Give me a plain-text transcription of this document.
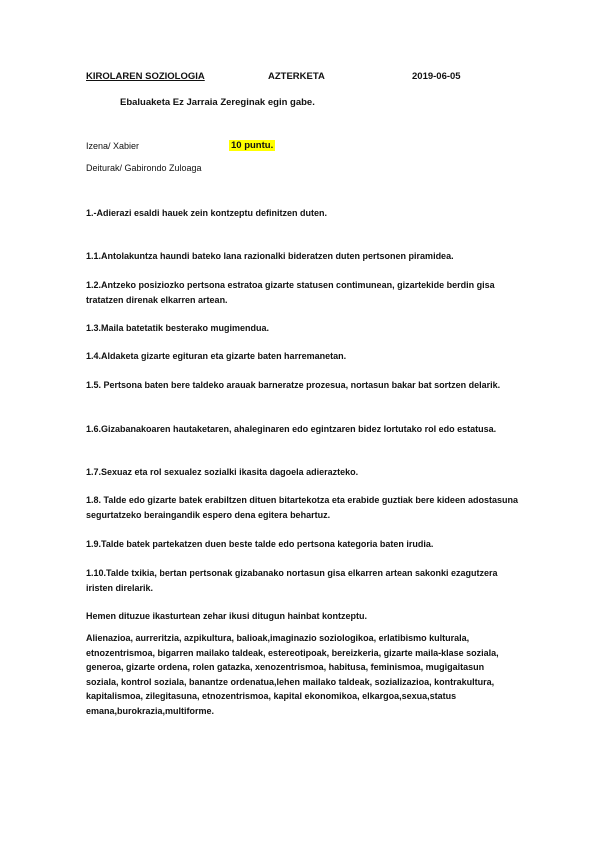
KIROLAREN SOZIOLOGIA	AZTERKETA	2019-06-05
Ebaluaketa Ez Jarraia Zereginak egin gabe.
Izena/ Xabier	10 puntu.
Deiturak/ Gabirondo Zuloaga
1.-Adierazi esaldi hauek zein kontzeptu definitzen duten.
1.1.Antolakuntza haundi bateko lana razionalki bideratzen duten pertsonen piramidea.
1.2.Antzeko posiziozko pertsona estratoa gizarte statusen contimunean, gizartekide berdin gisa tratatzen direnak elkarren artean.
1.3.Maila batetatik besterako mugimendua.
1.4.Aldaketa gizarte egituran eta gizarte baten harremanetan.
1.5. Pertsona baten bere taldeko arauak barneratze prozesua, nortasun bakar bat sortzen delarik.
1.6.Gizabanakoaren hautaketaren, ahaleginaren edo egintzaren bidez lortutako rol edo estatusa.
1.7.Sexuaz eta rol sexualez sozialki ikasita dagoela adierazteko.
1.8. Talde edo gizarte batek erabiltzen dituen bitartekotza eta erabide guztiak bere kideen adostasuna segurtatzeko beraingandik espero dena egitera behartuz.
1.9.Talde batek partekatzen duen beste talde edo pertsona kategoria baten irudia.
1.10.Talde txikia, bertan pertsonak gizabanako nortasun gisa elkarren artean sakonki ezagutzera iristen direlarik.
Hemen dituzue ikasturtean zehar ikusi ditugun hainbat kontzeptu.
Alienazioa, aurreritzia, azpikultura, balioak,imaginazio soziologikoa, erlatibismo kulturala, etnozentrismoa, bigarren mailako taldeak, estereotipoak, bereizkeria, gizarte maila-klase soziala, generoa, gizarte ordena, rolen gatazka, xenozentrismoa, habitusa, feminismoa, mugigaitasun soziala, kontrol soziala, banantze ordenatua,lehen mailako taldeak, sozializazioa, kontrakultura, kapitalismoa, zilegitasuna, etnozentrismoa, kapital ekonomikoa, elkargoa,sexua,status emana,burokrazia,multiforme.
